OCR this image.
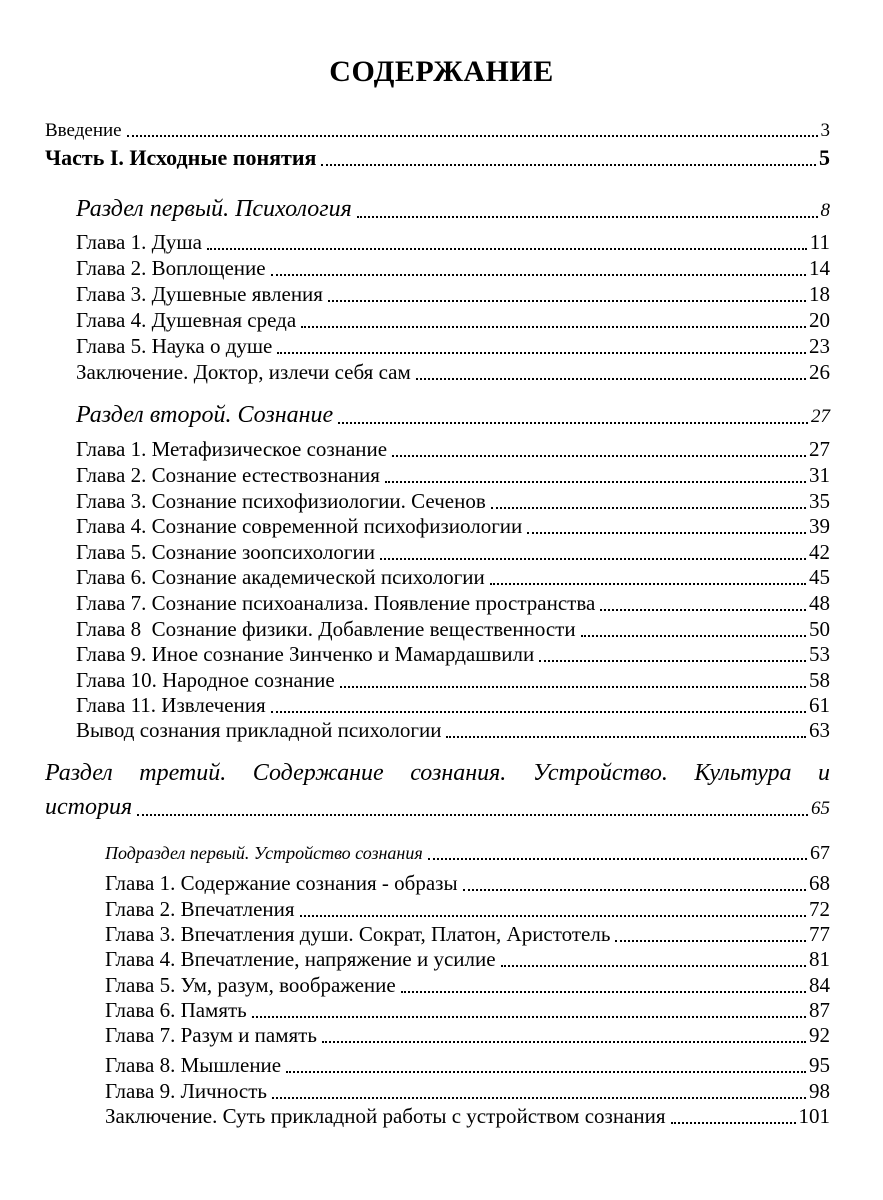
СОДЕРЖАНИЕ
Введение	3
Часть I. Исходные понятия	5
Раздел первый. Психология	8
Глава 1. Душа	11
Глава 2. Воплощение	14
Глава 3. Душевные явления	18
Глава 4. Душевная среда	20
Глава 5. Наука о душе	23
Заключение. Доктор, излечи себя сам	26
Раздел второй. Сознание	27
Глава 1. Метафизическое сознание	27
Глава 2. Сознание естествознания	31
Глава 3. Сознание психофизиологии. Сеченов	35
Глава 4. Сознание современной психофизиологии	39
Глава 5. Сознание зоопсихологии	42
Глава 6. Сознание академической психологии	45
Глава 7. Сознание психоанализа. Появление пространства	48
Глава 8  Сознание физики. Добавление вещественности	50
Глава 9. Иное сознание Зинченко и Мамардашвили	53
Глава 10. Народное сознание	58
Глава 11. Извлечения	61
Вывод сознания прикладной психологии	63
Раздел третий. Содержание сознания. Устройство. Культура и
история	65
Подраздел первый. Устройство сознания	67
Глава 1. Содержание сознания - образы	68
Глава 2. Впечатления	72
Глава 3. Впечатления души. Сократ, Платон, Аристотель	77
Глава 4. Впечатление, напряжение и усилие	81
Глава 5. Ум, разум, воображение	84
Глава 6. Память	87
Глава 7. Разум и память	92
Глава 8. Мышление	95
Глава 9. Личность	98
Заключение. Суть прикладной работы с устройством сознания	101
